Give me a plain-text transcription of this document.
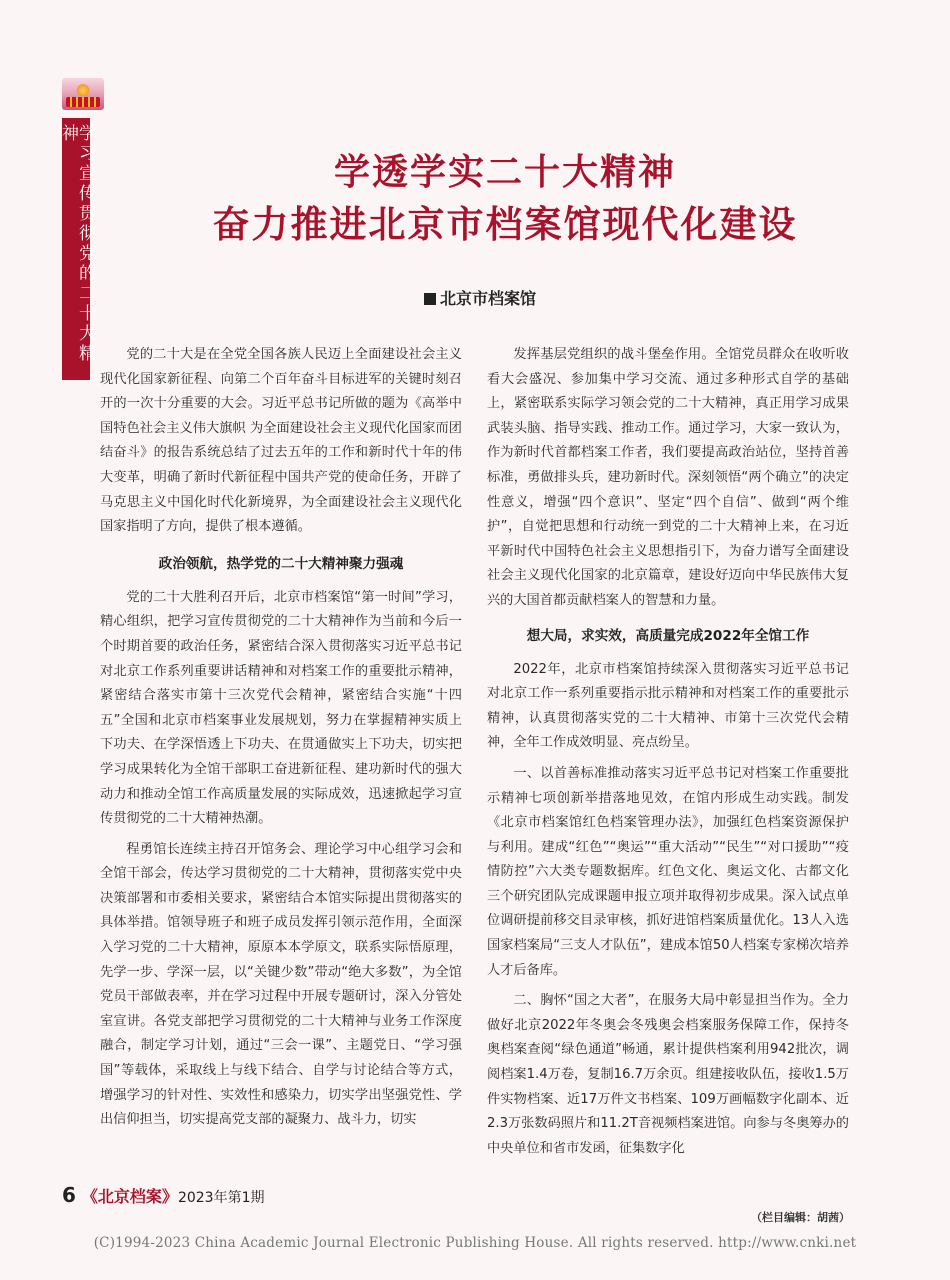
学习宣传贯彻党的二十大精神
学透学实二十大精神
奋力推进北京市档案馆现代化建设
北京市档案馆

党的二十大是在全党全国各族人民迈上全面建设社会主义现代化国家新征程、向第二个百年奋斗目标进军的关键时刻召开的一次十分重要的大会。习近平总书记所做的题为《高举中国特色社会主义伟大旗帜 为全面建设社会主义现代化国家而团结奋斗》的报告系统总结了过去五年的工作和新时代十年的伟大变革，明确了新时代新征程中国共产党的使命任务，开辟了马克思主义中国化时代化新境界，为全面建设社会主义现代化国家指明了方向，提供了根本遵循。

政治领航，热学党的二十大精神聚力强魂

党的二十大胜利召开后，北京市档案馆“第一时间”学习，精心组织，把学习宣传贯彻党的二十大精神作为当前和今后一个时期首要的政治任务，紧密结合深入贯彻落实习近平总书记对北京工作系列重要讲话精神和对档案工作的重要批示精神，紧密结合落实市第十三次党代会精神，紧密结合实施“十四五”全国和北京市档案事业发展规划，努力在掌握精神实质上下功夫、在学深悟透上下功夫、在贯通做实上下功夫，切实把学习成果转化为全馆干部职工奋进新征程、建功新时代的强大动力和推动全馆工作高质量发展的实际成效，迅速掀起学习宣传贯彻党的二十大精神热潮。

程勇馆长连续主持召开馆务会、理论学习中心组学习会和全馆干部会，传达学习贯彻党的二十大精神，贯彻落实党中央决策部署和市委相关要求，紧密结合本馆实际提出贯彻落实的具体举措。馆领导班子和班子成员发挥引领示范作用，全面深入学习党的二十大精神，原原本本学原文，联系实际悟原理，先学一步、学深一层，以“关键少数”带动“绝大多数”，为全馆党员干部做表率，并在学习过程中开展专题研讨，深入分管处室宣讲。各党支部把学习贯彻党的二十大精神与业务工作深度融合，制定学习计划，通过“三会一课”、主题党日、“学习强国”等载体，采取线上与线下结合、自学与讨论结合等方式，增强学习的针对性、实效性和感染力，切实学出坚强党性、学出信仰担当，切实提高党支部的凝聚力、战斗力，切实

发挥基层党组织的战斗堡垒作用。全馆党员群众在收听收看大会盛况、参加集中学习交流、通过多种形式自学的基础上，紧密联系实际学习领会党的二十大精神，真正用学习成果武装头脑、指导实践、推动工作。通过学习，大家一致认为，作为新时代首都档案工作者，我们要提高政治站位，坚持首善标准，勇做排头兵，建功新时代。深刻领悟“两个确立”的决定性意义，增强“四个意识”、坚定“四个自信”、做到“两个维护”，自觉把思想和行动统一到党的二十大精神上来，在习近平新时代中国特色社会主义思想指引下，为奋力谱写全面建设社会主义现代化国家的北京篇章，建设好迈向中华民族伟大复兴的大国首都贡献档案人的智慧和力量。

想大局，求实效，高质量完成2022年全馆工作

2022年，北京市档案馆持续深入贯彻落实习近平总书记对北京工作一系列重要指示批示精神和对档案工作的重要批示精神，认真贯彻落实党的二十大精神、市第十三次党代会精神，全年工作成效明显、亮点纷呈。

一、以首善标准推动落实习近平总书记对档案工作重要批示精神七项创新举措落地见效，在馆内形成生动实践。制发《北京市档案馆红色档案管理办法》，加强红色档案资源保护与利用。建成“红色”“奥运”“重大活动”“民生”“对口援助”“疫情防控”六大类专题数据库。红色文化、奥运文化、古都文化三个研究团队完成课题申报立项并取得初步成果。深入试点单位调研提前移交目录审核，抓好进馆档案质量优化。13人入选国家档案局“三支人才队伍”，建成本馆50人档案专家梯次培养人才后备库。

二、胸怀“国之大者”，在服务大局中彰显担当作为。全力做好北京2022年冬奥会冬残奥会档案服务保障工作，保持冬奥档案查阅“绿色通道”畅通，累计提供档案利用942批次，调阅档案1.4万卷，复制16.7万余页。组建接收队伍，接收1.5万件实物档案、近17万件文书档案、109万画幅数字化副本、近2.3万张数码照片和11.2T音视频档案进馆。向参与冬奥筹办的中央单位和省市发函，征集数字化

6 《北京档案》 2023年第1期
（栏目编辑：胡茜）
(C)1994-2023 China Academic Journal Electronic Publishing House. All rights reserved. http://www.cnki.net
